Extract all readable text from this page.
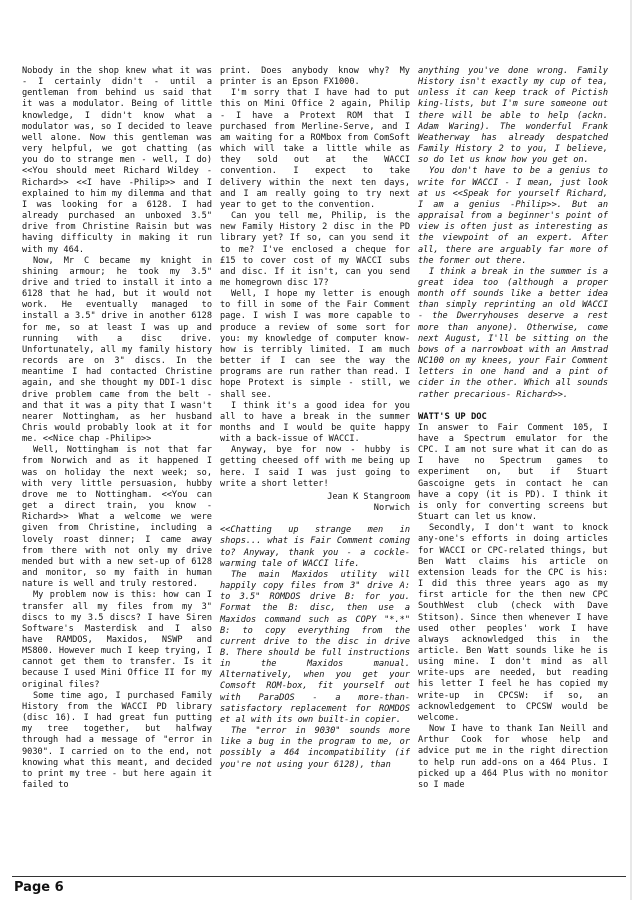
Nobody in the shop knew what it was - I certainly didn't - until a gentleman from behind us said that it was a modulator. Being of little knowledge, I didn't know what a modulator was, so I decided to leave well alone. Now this gentleman was very helpful, we got chatting (as you do to strange men - well, I do) <<You should meet Richard Wildey - Richard>> <<I have -Philip>> and I explained to him my dilemma and that I was looking for a 6128. I had already purchased an unboxed 3.5" drive from Christine Raisin but was having difficulty in making it run with my 464.

Now, Mr C became my knight in shining armour; he took my 3.5" drive and tried to install it into a 6128 that he had, but it would not work. He eventually managed to install a 3.5" drive in another 6128 for me, so at least I was up and running with a disc drive. Unfortunately, all my family history records are on 3" discs. In the meantime I had contacted Christine again, and she thought my DDI-1 disc drive problem came from the belt - and that it was a pity that I wasn't nearer Nottingham, as her husband Chris would probably look at it for me. <<Nice chap -Philip>>

Well, Nottingham is not that far from Norwich and as it happened I was on holiday the next week; so, with very little persuasion, hubby drove me to Nottingham. <<You can get a direct train, you know - Richard>> What a welcome we were given from Christine, including a lovely roast dinner; I came away from there with not only my drive mended but with a new set-up of 6128 and monitor, so my faith in human nature is well and truly restored.

My problem now is this: how can I transfer all my files from my 3" discs to my 3.5 discs? I have Siren Software's Masterdisk and I also have RAMDOS, Maxidos, NSWP and MS800. However much I keep trying, I cannot get them to transfer. Is it because I used Mini Office II for my original files?

Some time ago, I purchased Family History from the WACCI PD library (disc 16). I had great fun putting my tree together, but halfway through had a message of "error in 9030". I carried on to the end, not knowing what this meant, and decided to print my tree - but here again it failed to

print. Does anybody know why? My printer is an Epson FX1000.

I'm sorry that I have had to put this on Mini Office 2 again, Philip - I have a Protext ROM that I purchased from Merline-Serve, and I am waiting for a ROMbox from ComSoft which will take a little while as they sold out at the WACCI convention. I expect to take delivery within the next ten days, and I am really going to try next year to get to the convention.

Can you tell me, Philip, is the new Family History 2 disc in the PD library yet? If so, can you send it to me? I've enclosed a cheque for £15 to cover cost of my WACCI subs and disc. If it isn't, can you send me homegrown disc 17?

Well, I hope my letter is enough to fill in some of the Fair Comment page. I wish I was more capable to produce a review of some sort for you: my knowledge of computer know-how is terribly limited. I am much better if I can see the way the programs are run rather than read. I hope Protext is simple - still, we shall see.

I think it's a good idea for you all to have a break in the summer months and I would be quite happy with a back-issue of WACCI.

Anyway, bye for now - hubby is getting cheesed off with me being up here. I said I was just going to write a short letter!

Jean K Stangroom

Norwich

<<Chatting up strange men in shops... what is Fair Comment coming to? Anyway, thank you - a cockle-warming tale of WACCI life.

The main Maxidos utility will happily copy files from 3" drive A: to 3.5" ROMDOS drive B: for you. Format the B: disc, then use a Maxidos command such as COPY "*.*" B: to copy everything from the current drive to the disc in drive B. There should be full instructions in the Maxidos manual. Alternatively, when you get your Comsoft ROM-box, fit yourself out with ParaDOS - a more-than-satisfactory replacement for ROMDOS et al with its own built-in copier.

The "error in 9030" sounds more like a bug in the program to me, or possibly a 464 incompatibility (if you're not using your 6128), than

anything you've done wrong. Family History isn't exactly my cup of tea, unless it can keep track of Pictish king-lists, but I'm sure someone out there will be able to help (ackn. Adam Waring). The wonderful Frank Weatherway has already despatched Family History 2 to you, I believe, so do let us know how you get on.

You don't have to be a genius to write for WACCI - I mean, just look at us <<Speak for yourself Richard, I am a genius -Philip>>. But an appraisal from a beginner's point of view is often just as interesting as the viewpoint of an expert. After all, there are arguably far more of the former out there.

I think a break in the summer is a great idea too (although a proper month off sounds like a better idea than simply reprinting an old WACCI - the Dwerryhouses deserve a rest more than anyone). Otherwise, come next August, I'll be sitting on the bows of a narrowboat with an Amstrad NC100 on my knees, your Fair Comment letters in one hand and a pint of cider in the other. Which all sounds rather precarious- Richard>>.

WATT'S UP DOC

In answer to Fair Comment 105, I have a Spectrum emulator for the CPC. I am not sure what it can do as I have no Spectrum games to experiment on, but if Stuart Gascoigne gets in contact he can have a copy (it is PD). I think it is only for converting screens but Stuart can let us know.

Secondly, I don't want to knock any-one's efforts in doing articles for WACCI or CPC-related things, but Ben Watt claims his article on extension leads for the CPC is his: I did this three years ago as my first article for the then new CPC SouthWest club (check with Dave Stitson). Since then whenever I have used other peoples' work I have always acknowledged this in the article. Ben Watt sounds like he is using mine. I don't mind as all write-ups are needed, but reading his letter I feel he has copied my write-up in CPCSW: if so, an acknowledgement to CPCSW would be welcome.

Now I have to thank Ian Neill and Arthur Cook for whose help and advice put me in the right direction to help run add-ons on a 464 Plus. I picked up a 464 Plus with no monitor so I made

Page 6
